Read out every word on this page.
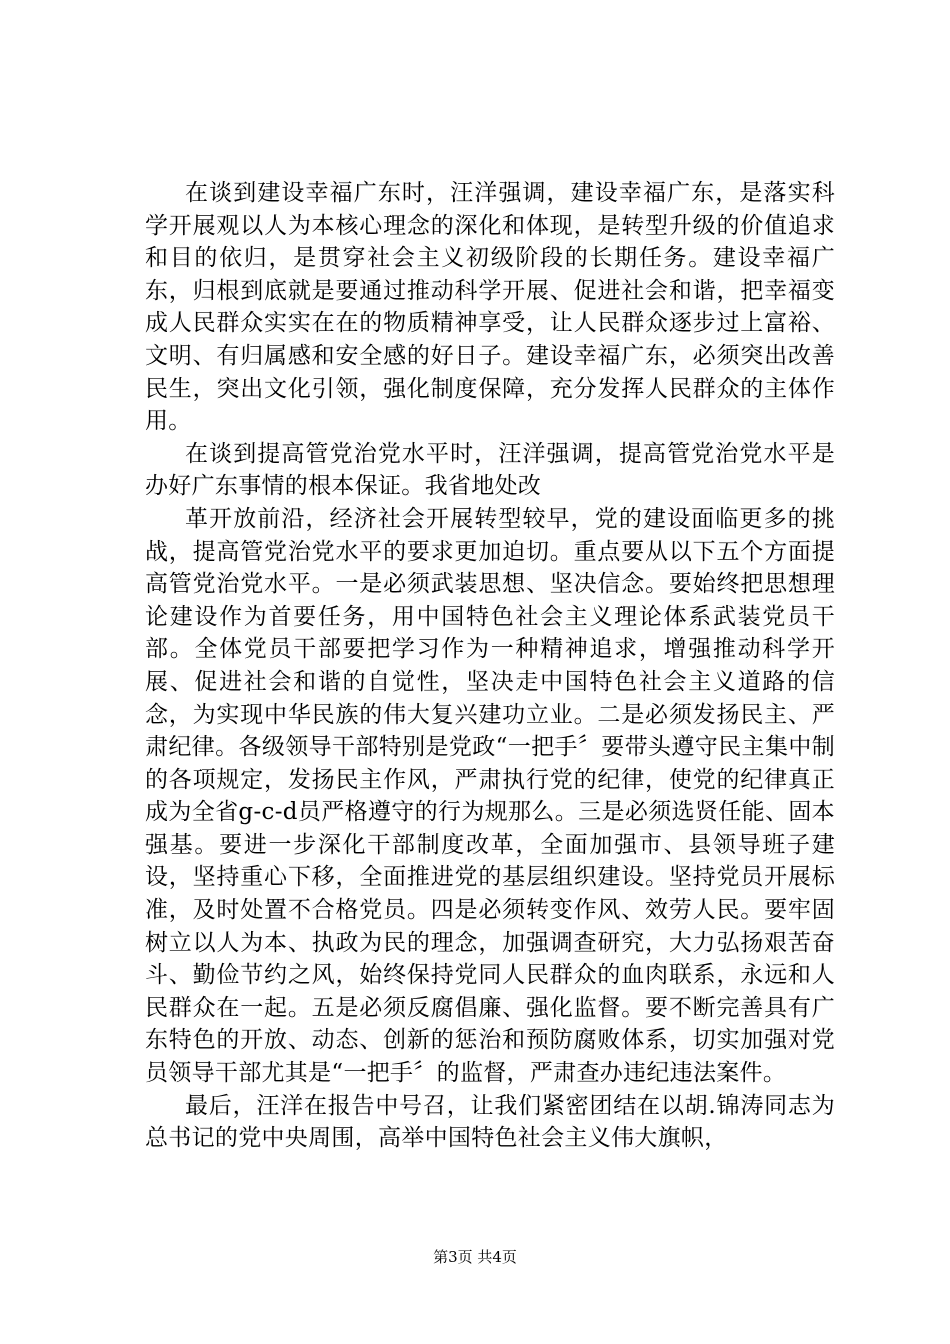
在谈到建设幸福广东时，汪洋强调，建设幸福广东，是落实科学开展观以人为本核心理念的深化和体现，是转型升级的价值追求和目的依归，是贯穿社会主义初级阶段的长期任务。建设幸福广东，归根到底就是要通过推动科学开展、促进社会和谐，把幸福变成人民群众实实在在的物质精神享受，让人民群众逐步过上富裕、文明、有归属感和安全感的好日子。建设幸福广东，必须突出改善民生，突出文化引领，强化制度保障，充分发挥人民群众的主体作用。

在谈到提高管党治党水平时，汪洋强调，提高管党治党水平是办好广东事情的根本保证。我省地处改

革开放前沿，经济社会开展转型较早，党的建设面临更多的挑战，提高管党治党水平的要求更加迫切。重点要从以下五个方面提高管党治党水平。一是必须武装思想、坚决信念。要始终把思想理论建设作为首要任务，用中国特色社会主义理论体系武装党员干部。全体党员干部要把学习作为一种精神追求，增强推动科学开展、促进社会和谐的自觉性，坚决走中国特色社会主义道路的信念，为实现中华民族的伟大复兴建功立业。二是必须发扬民主、严肃纪律。各级领导干部特别是党政“一把手〞要带头遵守民主集中制的各项规定，发扬民主作风，严肃执行党的纪律，使党的纪律真正成为全省g-c-d员严格遵守的行为规那么。三是必须选贤任能、固本强基。要进一步深化干部制度改革，全面加强市、县领导班子建设，坚持重心下移，全面推进党的基层组织建设。坚持党员开展标准，及时处置不合格党员。四是必须转变作风、效劳人民。要牢固树立以人为本、执政为民的理念，加强调查研究，大力弘扬艰苦奋斗、勤俭节约之风，始终保持党同人民群众的血肉联系，永远和人民群众在一起。五是必须反腐倡廉、强化监督。要不断完善具有广东特色的开放、动态、创新的惩治和预防腐败体系，切实加强对党员领导干部尤其是“一把手〞的监督，严肃查办违纪违法案件。

最后，汪洋在报告中号召，让我们紧密团结在以胡.锦涛同志为总书记的党中央周围，高举中国特色社会主义伟大旗帜，

第3页 共4页
